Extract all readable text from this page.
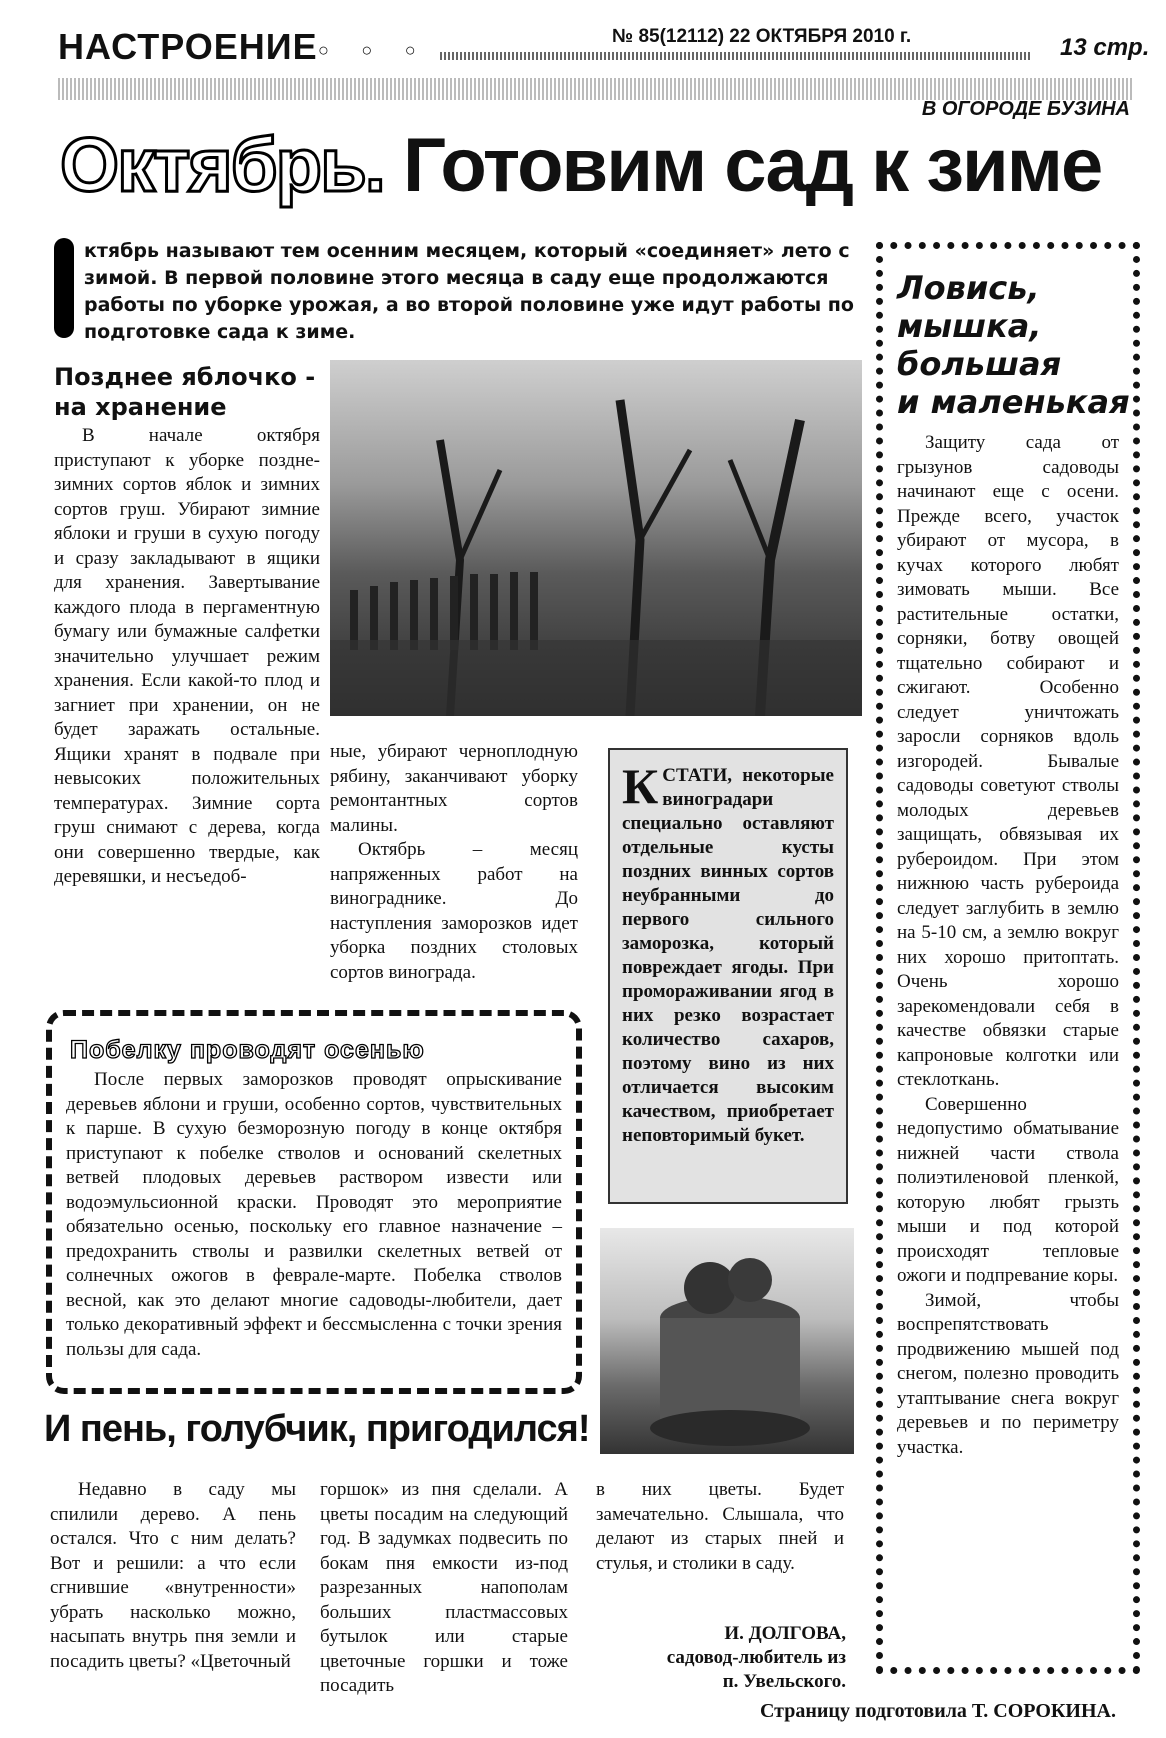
НАСТРОЕНИЕ ○ ○ ○
№ 85(12112) 22 ОКТЯБРЯ 2010 г.	13 стр.
В ОГОРОДЕ БУЗИНА
Октябрь. Готовим сад к зиме
ктябрь называют тем осенним месяцем, который «соединяет» лето с зимой. В первой половине этого месяца в саду еще продолжаются работы по уборке урожая, а во второй половине уже идут работы по подготовке сада к зиме.
Позднее яблочко -
на хранение

В начале октября приступают к уборке позднезимних сортов яблок и зимних сортов груш. Убирают зимние яблоки и груши в сухую погоду и сразу закладывают в ящики для хранения. Завертывание каждого плода в пергаментную бумагу или бумажные салфетки значительно улучшает режим хранения. Если какой-то плод и загниет при хранении, он не будет заражать остальные. Ящики хранят в подвале при невысоких положительных температурах. Зимние сорта груш снимают с дерева, когда они совершенно твердые, как деревяшки, и несъедоб-

ные, убирают черноплодную рябину, заканчивают уборку ремонтантных сортов малины.

Октябрь – месяц напряженных работ на винограднике. До наступления заморозков идет уборка поздних столовых сортов винограда.

КСТАТИ, некоторые виноградари специально оставляют отдельные кусты поздних винных сортов неубранными до первого сильного заморозка, который повреждает ягоды. При промораживании ягод в них резко возрастает количество сахаров, поэтому вино из них отличается высоким качеством, приобретает неповторимый букет.
Побелку проводят осенью

После первых заморозков проводят опрыскивание деревьев яблони и груши, особенно сортов, чувствительных к парше. В сухую безморозную погоду в конце октября приступают к побелке стволов и оснований скелетных ветвей плодовых деревьев раствором извести или водоэмульсионной краски. Проводят это мероприятие обязательно осенью, поскольку его главное назначение – предохранить стволы и развилки скелетных ветвей от солнечных ожогов в феврале-марте. Побелка стволов весной, как это делают многие садоводы-любители, дает только декоративный эффект и бессмысленна с точки зрения пользы для сада.

И пень, голубчик, пригодился!

Недавно в саду мы спилили дерево. А пень остался. Что с ним делать? Вот и решили: а что если сгнившие «внутренности» убрать насколько можно, насыпать внутрь пня земли и посадить цветы? «Цветочный

горшок» из пня сделали. А цветы посадим на следующий год. В задумках подвесить по бокам пня емкости из-под разрезанных напополам больших пластмассовых бутылок или старые цветочные горшки и тоже посадить

в них цветы. Будет замечательно. Слышала, что делают из старых пней и стулья, и столики в саду.

И. ДОЛГОВА,
садовод-любитель из
п. Увельского.
Ловись,
мышка,
большая
и маленькая

Защиту сада от грызунов садоводы начинают еще с осени. Прежде всего, участок убирают от мусора, в кучах которого любят зимовать мыши. Все растительные остатки, сорняки, ботву овощей тщательно собирают и сжигают. Особенно следует уничтожать заросли сорняков вдоль изгородей. Бывалые садоводы советуют стволы молодых деревьев защищать, обвязывая их рубероидом. При этом нижнюю часть рубероида следует заглубить в землю на 5-10 см, а землю вокруг них хорошо притоптать. Очень хорошо зарекомендовали себя в качестве обвязки старые капроновые колготки или стеклоткань.

Совершенно недопустимо обматывание нижней части ствола полиэтиленовой пленкой, которую любят грызть мыши и под которой происходят тепловые ожоги и подпревание коры.

Зимой, чтобы воспрепятствовать продвижению мышей под снегом, полезно проводить утаптывание снега вокруг деревьев и по периметру участка.

Страницу подготовила Т. СОРОКИНА.
